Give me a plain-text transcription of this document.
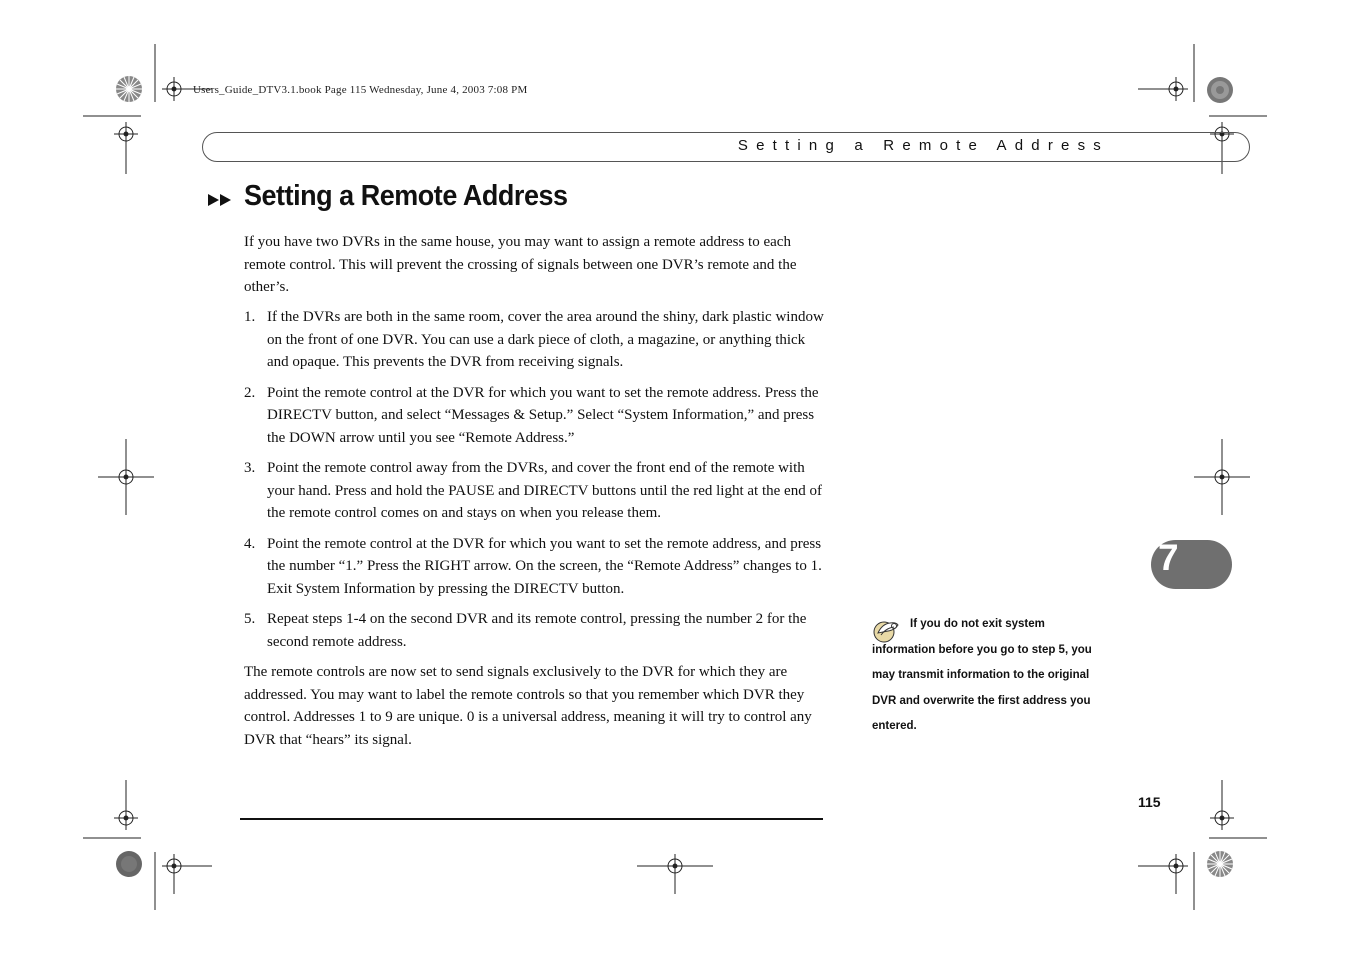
Users_Guide_DTV3.1.book Page 115 Wednesday, June 4, 2003 7:08 PM
Setting a Remote Address
Setting a Remote Address

If you have two DVRs in the same house, you may want to assign a remote address to each remote control. This will prevent the crossing of signals between one DVR’s remote and the other’s.

1. If the DVRs are both in the same room, cover the area around the shiny, dark plastic window on the front of one DVR. You can use a dark piece of cloth, a magazine, or anything thick and opaque. This prevents the DVR from receiving signals.
2. Point the remote control at the DVR for which you want to set the remote address. Press the DIRECTV button, and select “Messages & Setup.” Select “System Information,” and press the DOWN arrow until you see “Remote Address.”
3. Point the remote control away from the DVRs, and cover the front end of the remote with your hand. Press and hold the PAUSE and DIRECTV buttons until the red light at the end of the remote control comes on and stays on when you release them.
4. Point the remote control at the DVR for which you want to set the remote address, and press the number “1.” Press the RIGHT arrow. On the screen, the “Remote Address” changes to 1. Exit System Information by pressing the DIRECTV button.
5. Repeat steps 1-4 on the second DVR and its remote control, pressing the number 2 for the second remote address.

The remote controls are now set to send signals exclusively to the DVR for which they are addressed. You may want to label the remote controls so that you remember which DVR they control. Addresses 1 to 9 are unique. 0 is a universal address, meaning it will try to control any DVR that “hears” its signal.

7
If you do not exit system information before you go to step 5, you may transmit information to the original DVR and overwrite the first address you entered.
115
